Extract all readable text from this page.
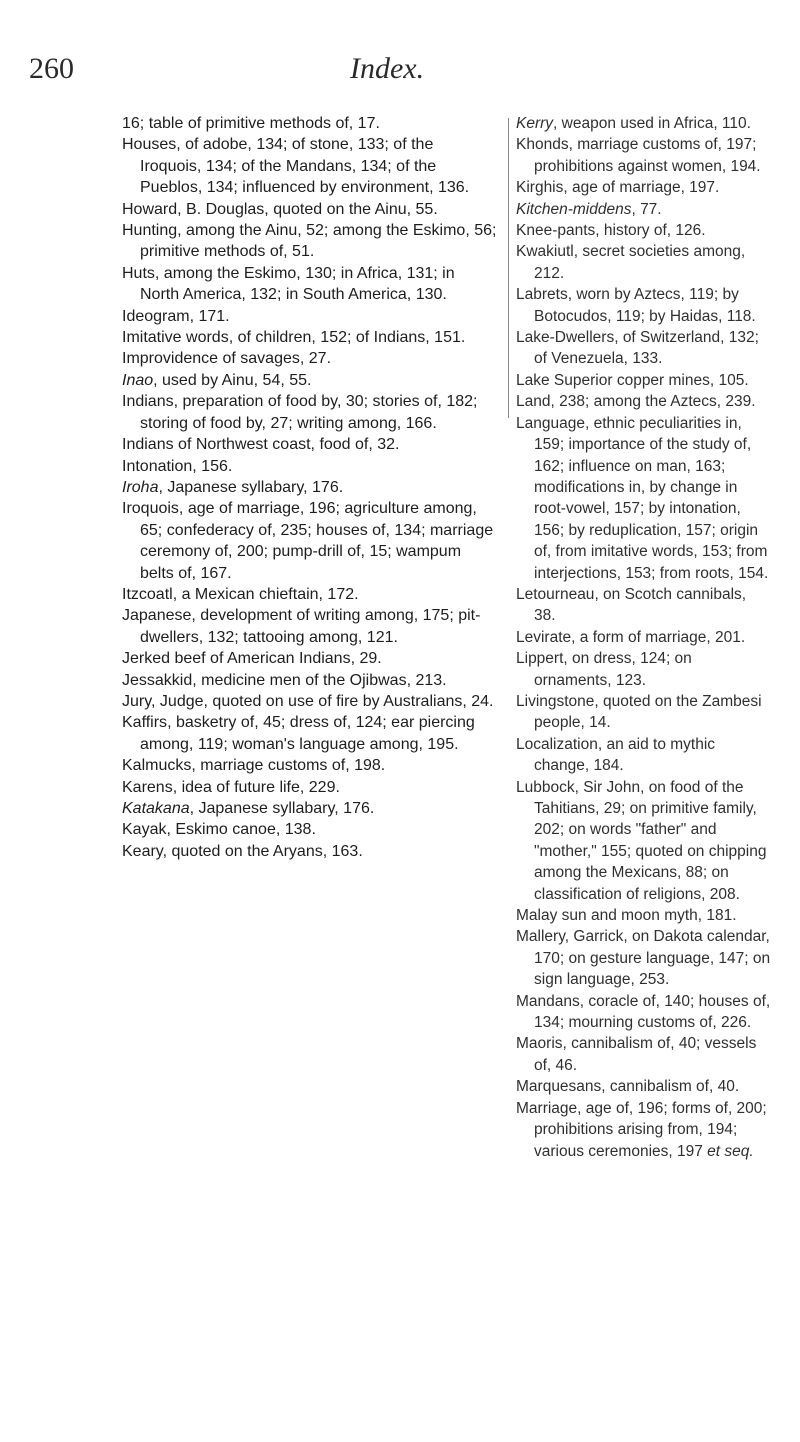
260	Index.

16; table of primitive methods of, 17.

Houses, of adobe, 134; of stone, 133; of the Iroquois, 134; of the Mandans, 134; of the Pueblos, 134; influenced by environment, 136.

Howard, B. Douglas, quoted on the Ainu, 55.

Hunting, among the Ainu, 52; among the Eskimo, 56; primitive methods of, 51.

Huts, among the Eskimo, 130; in Africa, 131; in North America, 132; in South America, 130.

Ideogram, 171.

Imitative words, of children, 152; of Indians, 151.

Improvidence of savages, 27.

Inao, used by Ainu, 54, 55.

Indians, preparation of food by, 30; stories of, 182; storing of food by, 27; writing among, 166.

Indians of Northwest coast, food of, 32.

Intonation, 156.

Iroha, Japanese syllabary, 176.

Iroquois, age of marriage, 196; agriculture among, 65; confederacy of, 235; houses of, 134; marriage ceremony of, 200; pump-drill of, 15; wampum belts of, 167.

Itzcoatl, a Mexican chieftain, 172.

Japanese, development of writing among, 175; pit-dwellers, 132; tattooing among, 121.

Jerked beef of American Indians, 29.

Jessakkid, medicine men of the Ojibwas, 213.

Jury, Judge, quoted on use of fire by Australians, 24.

Kaffirs, basketry of, 45; dress of, 124; ear piercing among, 119; woman's language among, 195.

Kalmucks, marriage customs of, 198.

Karens, idea of future life, 229.

Katakana, Japanese syllabary, 176.

Kayak, Eskimo canoe, 138.

Keary, quoted on the Aryans, 163.

Kerry, weapon used in Africa, 110.

Khonds, marriage customs of, 197; prohibitions against women, 194.

Kirghis, age of marriage, 197.

Kitchen-middens, 77.

Knee-pants, history of, 126.

Kwakiutl, secret societies among, 212.

Labrets, worn by Aztecs, 119; by Botocudos, 119; by Haidas, 118.

Lake-Dwellers, of Switzerland, 132; of Venezuela, 133.

Lake Superior copper mines, 105.

Land, 238; among the Aztecs, 239.

Language, ethnic peculiarities in, 159; importance of the study of, 162; influence on man, 163; modifications in, by change in root-vowel, 157; by intonation, 156; by reduplication, 157; origin of, from imitative words, 153; from interjections, 153; from roots, 154.

Letourneau, on Scotch cannibals, 38.

Levirate, a form of marriage, 201.

Lippert, on dress, 124; on ornaments, 123.

Livingstone, quoted on the Zambesi people, 14.

Localization, an aid to mythic change, 184.

Lubbock, Sir John, on food of the Tahitians, 29; on primitive family, 202; on words "father" and "mother," 155; quoted on chipping among the Mexicans, 88; on classification of religions, 208.

Malay sun and moon myth, 181.

Mallery, Garrick, on Dakota calendar, 170; on gesture language, 147; on sign language, 253.

Mandans, coracle of, 140; houses of, 134; mourning customs of, 226.

Maoris, cannibalism of, 40; vessels of, 46.

Marquesans, cannibalism of, 40.

Marriage, age of, 196; forms of, 200; prohibitions arising from, 194; various ceremonies, 197 et seq.
